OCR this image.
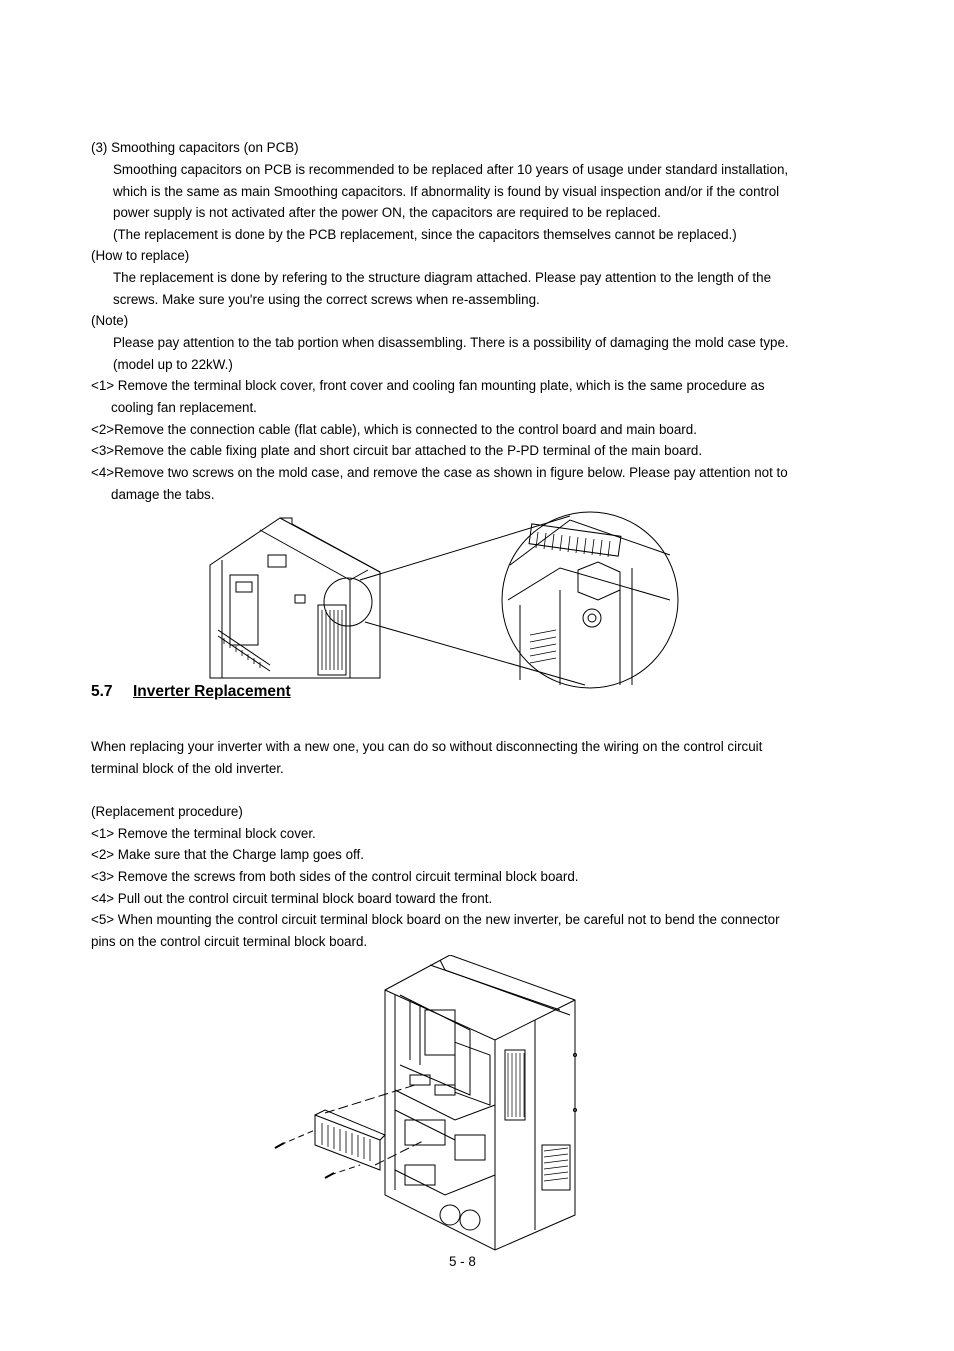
(3) Smoothing capacitors (on PCB)
Smoothing capacitors on PCB is recommended to be replaced after 10 years of usage under standard installation,
which is the same as main Smoothing capacitors. If abnormality is found by visual inspection and/or if the control
power supply is not activated after the power ON, the capacitors are required to be replaced.
(The replacement is done by the PCB replacement, since the capacitors themselves cannot be replaced.)
(How to replace)
The replacement is done by refering to the structure diagram attached. Please pay attention to the length of the
screws. Make sure you're using the correct screws when re-assembling.
(Note)
Please pay attention to the tab portion when disassembling. There is a possibility of damaging the mold case type.
(model up to 22kW.)
<1> Remove the terminal block cover, front cover and cooling fan mounting plate, which is the same procedure as
cooling fan replacement.
<2>Remove the connection cable (flat cable), which is connected to the control board and main board.
<3>Remove the cable fixing plate and short circuit bar attached to the P-PD terminal of the main board.
<4>Remove two screws on the mold case, and remove the case as shown in figure below. Please pay attention not to
damage the tabs.
5.7 Inverter Replacement
When replacing your inverter with a new one, you can do so without disconnecting the wiring on the control circuit
terminal block of the old inverter.
(Replacement procedure)
<1> Remove the terminal block cover.
<2> Make sure that the Charge lamp goes off.
<3> Remove the screws from both sides of the control circuit terminal block board.
<4> Pull out the control circuit terminal block board toward the front.
<5> When mounting the control circuit terminal block board on the new inverter, be careful not to bend the connector
pins on the control circuit terminal block board.
5 - 8
